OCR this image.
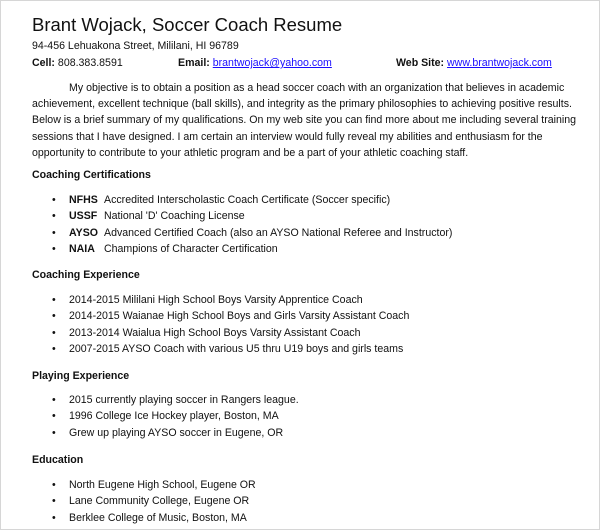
Brant Wojack, Soccer Coach Resume
94-456 Lehuakona Street, Mililani, HI 96789
Cell: 808.383.8591	Email: brantwojack@yahoo.com	Web Site: www.brantwojack.com
My objective is to obtain a position as a head soccer coach with an organization that believes in academic
achievement, excellent technique (ball skills), and integrity as the primary philosophies to achieving positive results.
Below is a brief summary of my qualifications. On my web site you can find more about me including several training
sessions that I have designed. I am certain an interview would fully reveal my abilities and enthusiasm for the
opportunity to contribute to your athletic program and be a part of your athletic coaching staff.
Coaching Certifications
• NFHS Accredited Interscholastic Coach Certificate (Soccer specific)
• USSF National 'D' Coaching License
• AYSO Advanced Certified Coach (also an AYSO National Referee and Instructor)
• NAIA Champions of Character Certification
Coaching Experience
• 2014-2015 Mililani High School Boys Varsity Apprentice Coach
• 2014-2015 Waianae High School Boys and Girls Varsity Assistant Coach
• 2013-2014 Waialua High School Boys Varsity Assistant Coach
• 2007-2015 AYSO Coach with various U5 thru U19 boys and girls teams
Playing Experience
• 2015 currently playing soccer in Rangers league.
• 1996 College Ice Hockey player, Boston, MA
• Grew up playing AYSO soccer in Eugene, OR
Education
• North Eugene High School, Eugene OR
• Lane Community College, Eugene OR
• Berklee College of Music, Boston, MA
